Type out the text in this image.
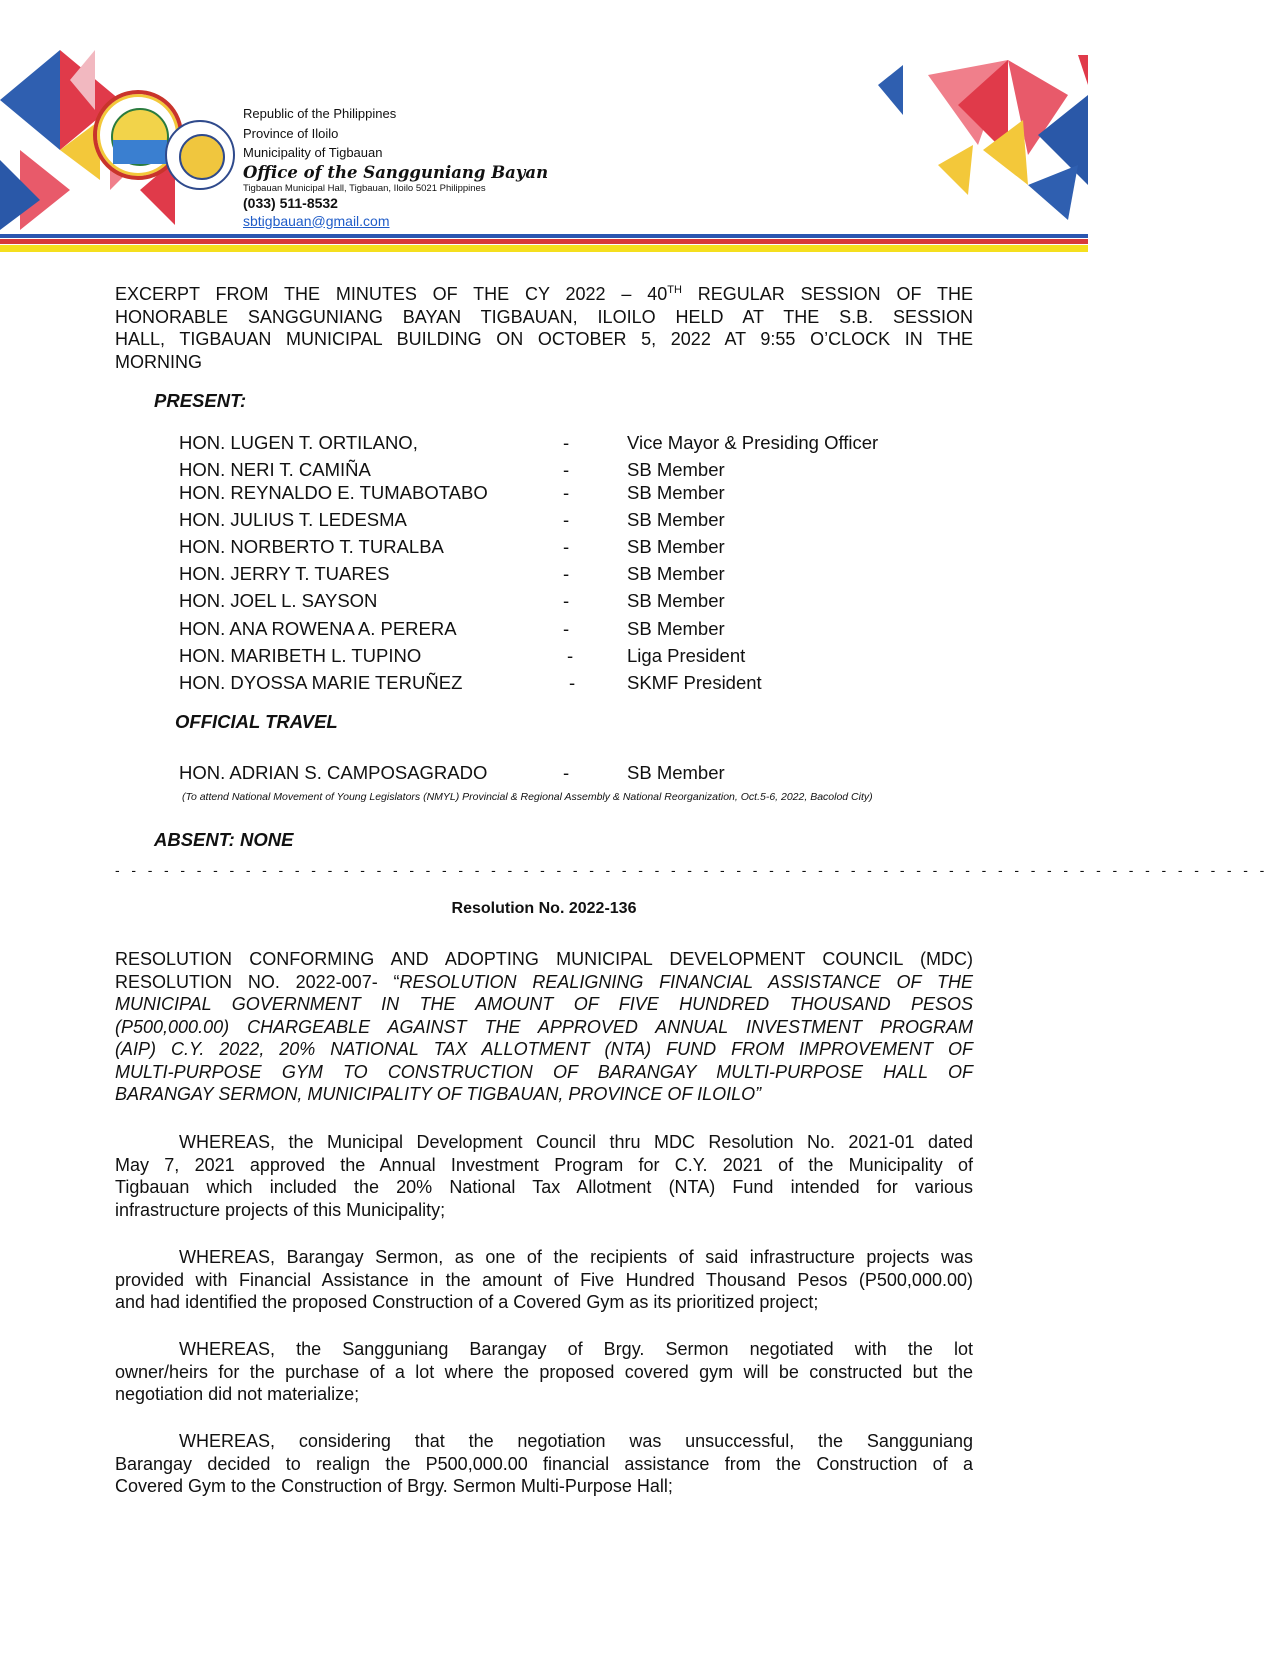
Republic of the Philippines
Province of Iloilo
Municipality of Tigbauan
Office of the Sangguniang Bayan
Tigbauan Municipal Hall, Tigbauan, Iloilo 5021 Philippines
(033) 511-8532
sbtigbauan@gmail.com
EXCERPT FROM THE MINUTES OF THE CY 2022 – 40TH REGULAR SESSION OF THE
HONORABLE SANGGUNIANG BAYAN TIGBAUAN, ILOILO HELD AT THE S.B. SESSION
HALL, TIGBAUAN MUNICIPAL BUILDING ON OCTOBER 5, 2022 AT 9:55 O’CLOCK IN THE
MORNING
PRESENT:
HON. LUGEN T. ORTILANO,	-	Vice Mayor & Presiding Officer
HON. NERI T. CAMIÑA	-	SB Member
HON. REYNALDO E. TUMABOTABO	-	SB Member
HON. JULIUS T. LEDESMA	-	SB Member
HON. NORBERTO T. TURALBA	-	SB Member
HON. JERRY T. TUARES	-	SB Member
HON. JOEL L. SAYSON	-	SB Member
HON. ANA ROWENA A. PERERA	-	SB Member
HON. MARIBETH L. TUPINO	-	Liga President
HON. DYOSSA MARIE TERUÑEZ	-	SKMF President
OFFICIAL TRAVEL
HON. ADRIAN S. CAMPOSAGRADO	-	SB Member
(To attend National Movement of Young Legislators (NMYL) Provincial & Regional Assembly & National Reorganization, Oct.5-6, 2022, Bacolod City)
ABSENT: NONE
- - - - - - - - - - - - - - - - - - - - - - - - - - - - - - - - - - - - - - - - - - - - - - - - - - - - - - - - - - - - - - - - - - - - - - -
Resolution No. 2022-136
RESOLUTION CONFORMING AND ADOPTING MUNICIPAL DEVELOPMENT COUNCIL (MDC)
RESOLUTION NO. 2022-007- “RESOLUTION REALIGNING FINANCIAL ASSISTANCE OF THE
MUNICIPAL GOVERNMENT IN THE AMOUNT OF FIVE HUNDRED THOUSAND PESOS
(P500,000.00) CHARGEABLE AGAINST THE APPROVED ANNUAL INVESTMENT PROGRAM
(AIP) C.Y. 2022, 20% NATIONAL TAX ALLOTMENT (NTA) FUND FROM IMPROVEMENT OF
MULTI-PURPOSE GYM TO CONSTRUCTION OF BARANGAY MULTI-PURPOSE HALL OF
BARANGAY SERMON, MUNICIPALITY OF TIGBAUAN, PROVINCE OF ILOILO”
WHEREAS, the Municipal Development Council thru MDC Resolution No. 2021-01 dated
May 7, 2021 approved the Annual Investment Program for C.Y. 2021 of the Municipality of
Tigbauan which included the 20% National Tax Allotment (NTA) Fund intended for various
infrastructure projects of this Municipality;
WHEREAS, Barangay Sermon, as one of the recipients of said infrastructure projects was
provided with Financial Assistance in the amount of Five Hundred Thousand Pesos (P500,000.00)
and had identified the proposed Construction of a Covered Gym as its prioritized project;
WHEREAS, the Sangguniang Barangay of Brgy. Sermon negotiated with the lot
owner/heirs for the purchase of a lot where the proposed covered gym will be constructed but the
negotiation did not materialize;
WHEREAS, considering that the negotiation was unsuccessful, the Sangguniang
Barangay decided to realign the P500,000.00 financial assistance from the Construction of a
Covered Gym to the Construction of Brgy. Sermon Multi-Purpose Hall;
